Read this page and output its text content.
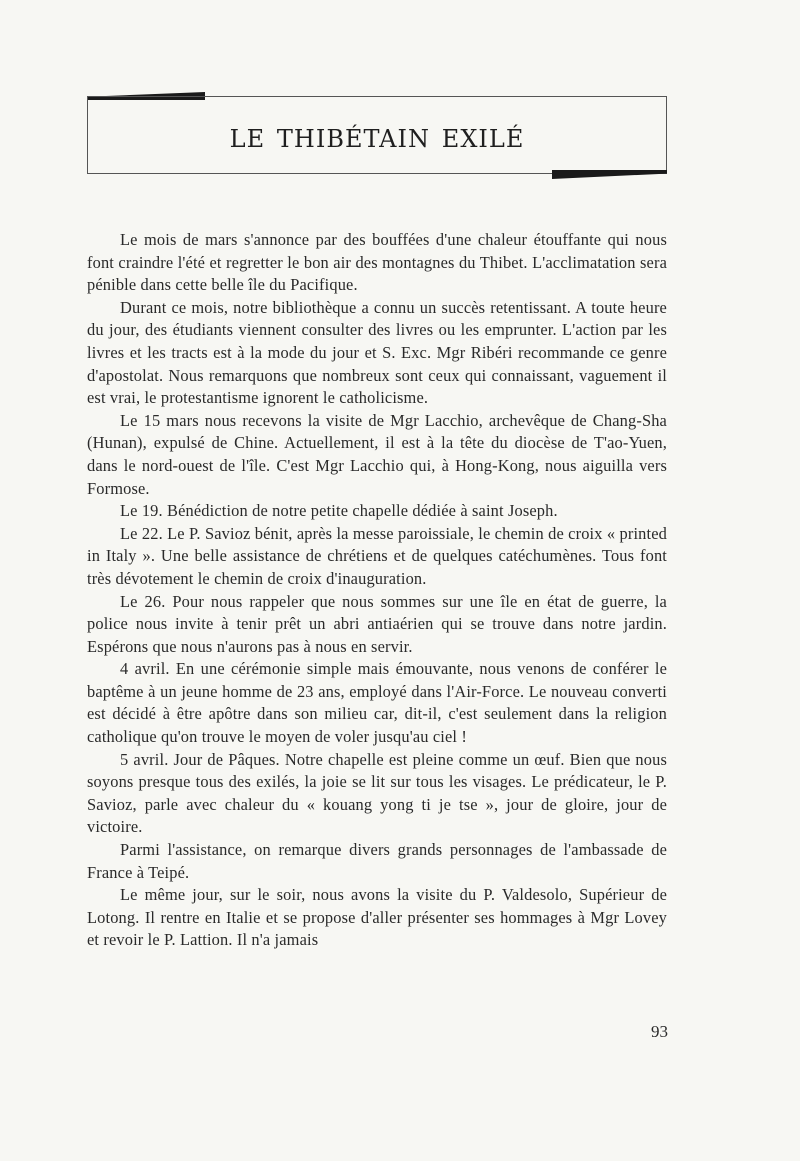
le thibétain exilé

Le mois de mars s'annonce par des bouffées d'une chaleur étouffante qui nous font craindre l'été et regretter le bon air des montagnes du Thibet. L'acclimatation sera pénible dans cette belle île du Pacifique.

Durant ce mois, notre bibliothèque a connu un succès retentissant. A toute heure du jour, des étudiants viennent consulter des livres ou les emprunter. L'action par les livres et les tracts est à la mode du jour et S. Exc. Mgr Ribéri recommande ce genre d'apostolat. Nous remarquons que nombreux sont ceux qui connaissant, vaguement il est vrai, le protestantisme ignorent le catholicisme.

Le 15 mars nous recevons la visite de Mgr Lacchio, archevêque de Chang-Sha (Hunan), expulsé de Chine. Actuellement, il est à la tête du diocèse de T'ao-Yuen, dans le nord-ouest de l'île. C'est Mgr Lacchio qui, à Hong-Kong, nous aiguilla vers Formose.

Le 19. Bénédiction de notre petite chapelle dédiée à saint Joseph.

Le 22. Le P. Savioz bénit, après la messe paroissiale, le chemin de croix « printed in Italy ». Une belle assistance de chrétiens et de quelques catéchumènes. Tous font très dévotement le chemin de croix d'inauguration.

Le 26. Pour nous rappeler que nous sommes sur une île en état de guerre, la police nous invite à tenir prêt un abri antiaérien qui se trouve dans notre jardin. Espérons que nous n'aurons pas à nous en servir.

4 avril. En une cérémonie simple mais émouvante, nous venons de conférer le baptême à un jeune homme de 23 ans, employé dans l'Air-Force. Le nouveau converti est décidé à être apôtre dans son milieu car, dit-il, c'est seulement dans la religion catholique qu'on trouve le moyen de voler jusqu'au ciel !

5 avril. Jour de Pâques. Notre chapelle est pleine comme un œuf. Bien que nous soyons presque tous des exilés, la joie se lit sur tous les visages. Le prédicateur, le P. Savioz, parle avec chaleur du « kouang yong ti je tse », jour de gloire, jour de victoire.

Parmi l'assistance, on remarque divers grands personnages de l'ambassade de France à Teipé.

Le même jour, sur le soir, nous avons la visite du P. Valdesolo, Supérieur de Lotong. Il rentre en Italie et se propose d'aller présenter ses hommages à Mgr Lovey et revoir le P. Lattion. Il n'a jamais

93
